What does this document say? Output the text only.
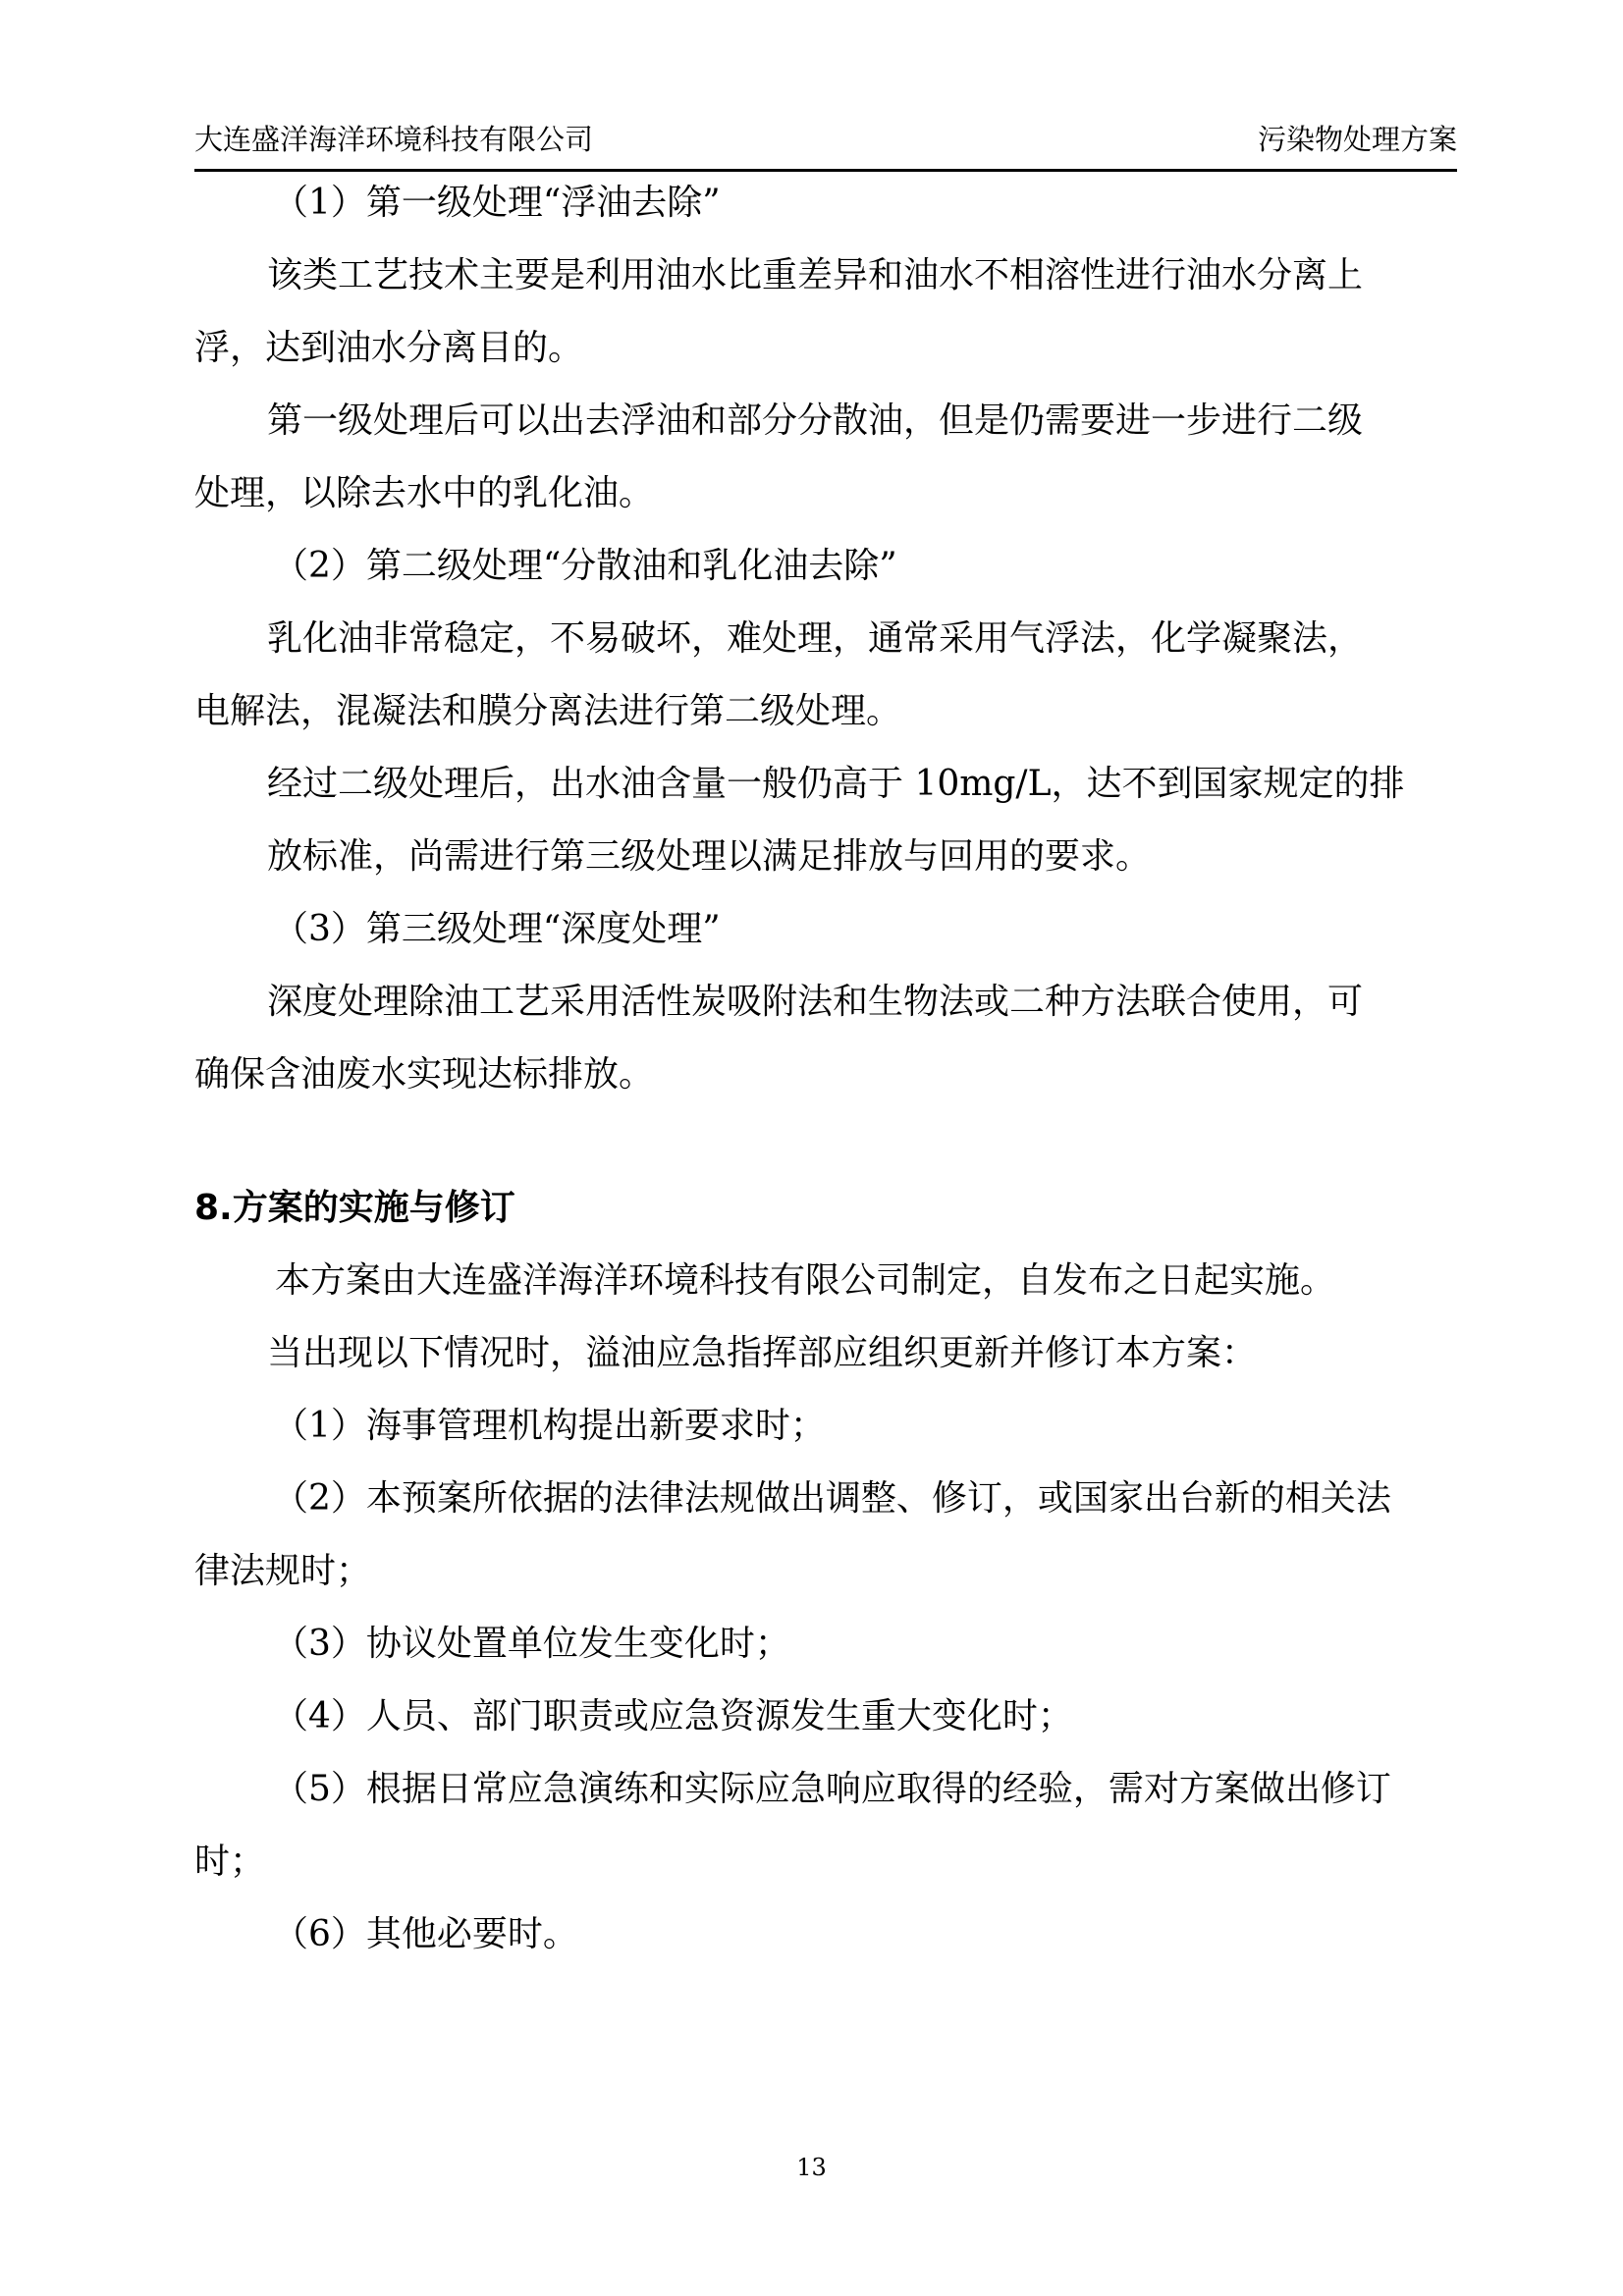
大连盛洋海洋环境科技有限公司	污染物处理方案

（1）第一级处理“浮油去除”

该类工艺技术主要是利用油水比重差异和油水不相溶性进行油水分离上

浮，达到油水分离目的。

第一级处理后可以出去浮油和部分分散油，但是仍需要进一步进行二级

处理，以除去水中的乳化油。

（2）第二级处理“分散油和乳化油去除”

乳化油非常稳定，不易破坏，难处理，通常采用气浮法，化学凝聚法，

电解法，混凝法和膜分离法进行第二级处理。

经过二级处理后，出水油含量一般仍高于 10mg/L，达不到国家规定的排

放标准，尚需进行第三级处理以满足排放与回用的要求。

（3）第三级处理“深度处理”

深度处理除油工艺采用活性炭吸附法和生物法或二种方法联合使用，可

确保含油废水实现达标排放。

8.方案的实施与修订

本方案由大连盛洋海洋环境科技有限公司制定，自发布之日起实施。

当出现以下情况时，溢油应急指挥部应组织更新并修订本方案：

（1）海事管理机构提出新要求时；

（2）本预案所依据的法律法规做出调整、修订，或国家出台新的相关法

律法规时；

（3）协议处置单位发生变化时；

（4）人员、部门职责或应急资源发生重大变化时；

（5）根据日常应急演练和实际应急响应取得的经验，需对方案做出修订

时；

（6）其他必要时。

13
